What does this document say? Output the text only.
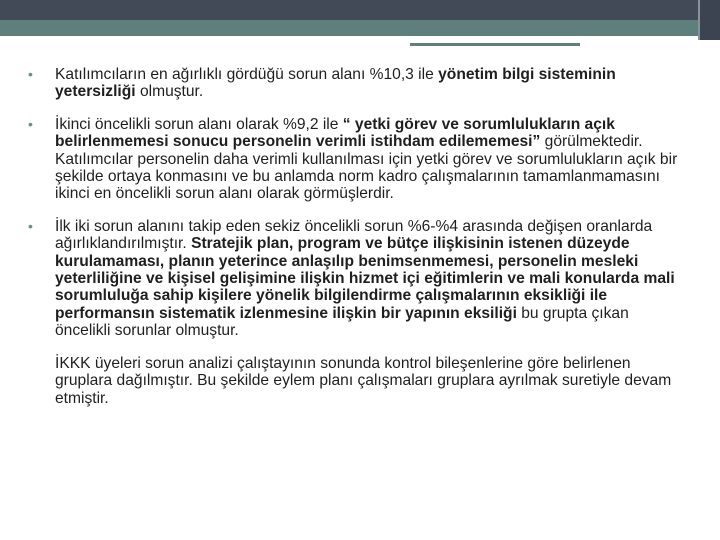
• Katılımcıların en ağırlıklı gördüğü sorun alanı %10,3 ile yönetim bilgi sisteminin yetersizliği olmuştur.
• İkinci öncelikli sorun alanı olarak %9,2 ile “ yetki görev ve sorumlulukların açık belirlenmemesi sonucu personelin verimli istihdam edilememesi” görülmektedir.
Katılımcılar personelin daha verimli kullanılması için yetki görev ve sorumlulukların açık bir şekilde ortaya konmasını ve bu anlamda norm kadro çalışmalarının tamamlanmamasını ikinci en öncelikli sorun alanı olarak görmüşlerdir.
• İlk iki sorun alanını takip eden sekiz öncelikli sorun %6-%4 arasında değişen oranlarda ağırlıklandırılmıştır. Stratejik plan, program ve bütçe ilişkisinin istenen düzeyde kurulamaması, planın yeterince anlaşılıp benimsenmemesi, personelin mesleki yeterliliğine ve kişisel gelişimine ilişkin hizmet içi eğitimlerin ve mali konularda mali sorumluluğa sahip kişilere yönelik bilgilendirme çalışmalarının eksikliği ile performansın sistematik izlenmesine ilişkin bir yapının eksiliği bu grupta çıkan öncelikli sorunlar olmuştur.

İKKK üyeleri sorun analizi çalıştayının sonunda kontrol bileşenlerine göre belirlenen gruplara dağılmıştır. Bu şekilde eylem planı çalışmaları gruplara ayrılmak suretiyle devam etmiştir.
